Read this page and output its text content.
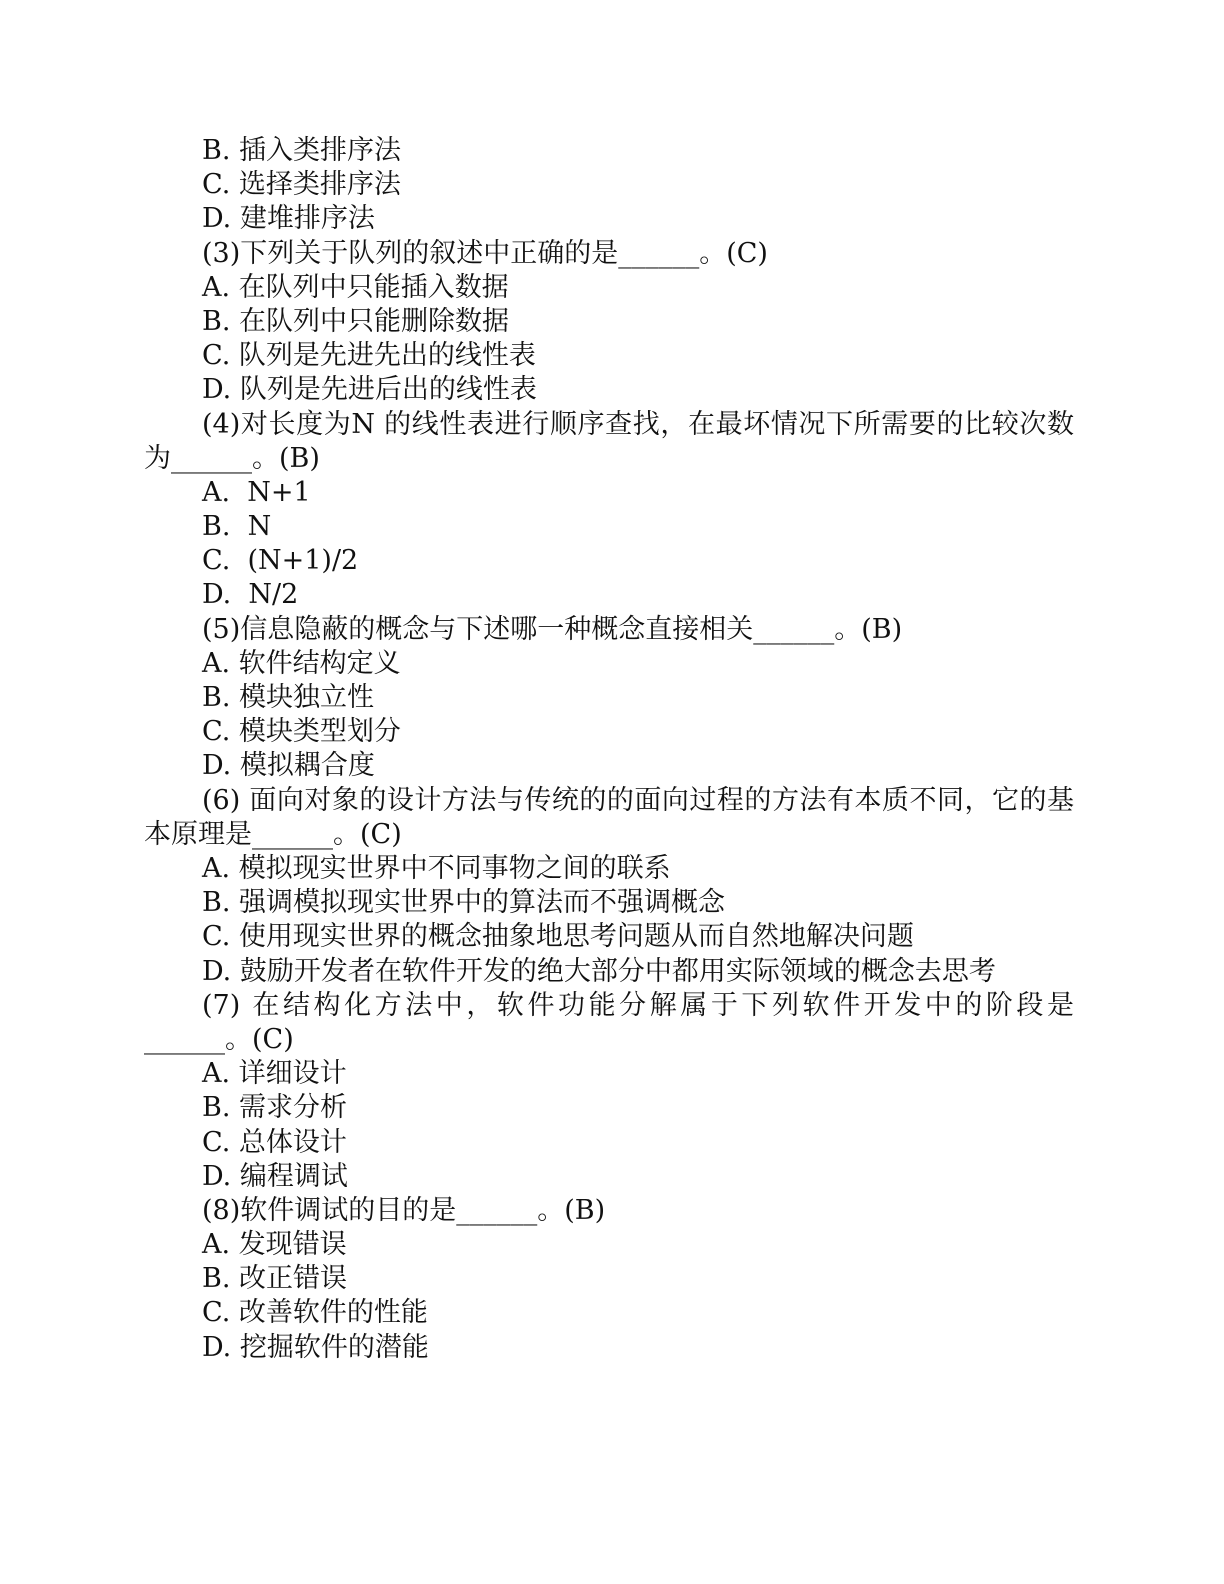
B. 插入类排序法
C. 选择类排序法
D. 建堆排序法
(3)下列关于队列的叙述中正确的是______。(C)
A. 在队列中只能插入数据
B. 在队列中只能删除数据
C. 队列是先进先出的线性表
D. 队列是先进后出的线性表
(4)对长度为N 的线性表进行顺序查找，在最坏情况下所需要的比较次数为______。(B)
A.  N+1
B.  N
C.  (N+1)/2
D.  N/2
(5)信息隐蔽的概念与下述哪一种概念直接相关______。(B)
A. 软件结构定义
B. 模块独立性
C. 模块类型划分
D. 模拟耦合度
(6) 面向对象的设计方法与传统的的面向过程的方法有本质不同，它的基本原理是______。(C)
A. 模拟现实世界中不同事物之间的联系
B. 强调模拟现实世界中的算法而不强调概念
C. 使用现实世界的概念抽象地思考问题从而自然地解决问题
D. 鼓励开发者在软件开发的绝大部分中都用实际领域的概念去思考
(7) 在结构化方法中，软件功能分解属于下列软件开发中的阶段是______。(C)
A. 详细设计
B. 需求分析
C. 总体设计
D. 编程调试
(8)软件调试的目的是______。(B)
A. 发现错误
B. 改正错误
C. 改善软件的性能
D. 挖掘软件的潜能
